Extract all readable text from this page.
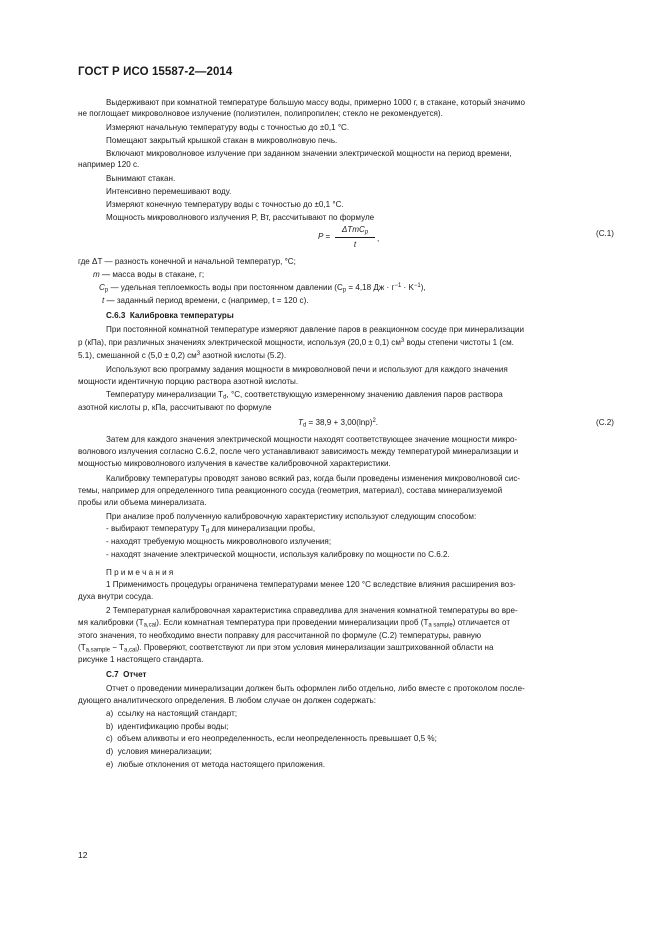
ГОСТ Р ИСО 15587-2—2014
Выдерживают при комнатной температуре большую массу воды, примерно 1000 г, в стакане, который значимо
не поглощает микроволновое излучение (полиэтилен, полипропилен; стекло не рекомендуется).
Измеряют начальную температуру воды с точностью до ±0,1 °С.
Помещают закрытый крышкой стакан в микроволновую печь.
Включают микроволновое излучение при заданном значении электрической мощности на период времени,
например 120 с.
Вынимают стакан.
Интенсивно перемешивают воду.
Измеряют конечную температуру воды с точностью до ±0,1 °С.
Мощность микроволнового излучения P, Вт, рассчитывают по формуле
P =
ΔTmC$_p$
t
,
(С.1)
где ΔT — разность конечной и начальной температур, °С;
m — масса воды в стакане, г;
$C_p$ — удельная теплоемкость воды при постоянном давлении ($C_p = 4,18$ Дж · $г^{-1} \cdot K^{-1}$),
t — заданный период времени, с (например, t = 120 с).
С.6.3 Калибровка температуры
При постоянной комнатной температуре измеряют давление паров в реакционном сосуде при минерализации
p (кПа), при различных значениях электрической мощности, используя (20,0 ± 0,1) $см^3$ воды степени чистоты 1 (см.
5.1), смешанной с (5,0 ± 0,2) $см^3$ азотной кислоты (5.2).
Используют всю программу задания мощности в микроволновой печи и используют для каждого значения
мощности идентичную порцию раствора азотной кислоты.
Температуру минерализации $T_d$, °С, соответствующую измеренному значению давления паров раствора
азотной кислоты p, кПа, рассчитывают по формуле
$T_d = 38,9 + 3,00(\ln p)^2$.	(С.2)
Затем для каждого значения электрической мощности находят соответствующее значение мощности микро-
волнового излучения согласно С.6.2, после чего устанавливают зависимость между температурой минерализации и
мощностью микроволнового излучения в качестве калибровочной характеристики.
Калибровку температуры проводят заново всякий раз, когда были проведены изменения микроволновой сис-
темы, например для определенного типа реакционного сосуда (геометрия, материал), состава минерализуемой
пробы или объема минерализата.
При анализе проб полученную калибровочную характеристику используют следующим способом:
- выбирают температуру $T_d$ для минерализации пробы,
- находят требуемую мощность микроволнового излучения;
- находят значение электрической мощности, используя калибровку по мощности по С.6.2.
П р и м е ч а н и я
1 Применимость процедуры ограничена температурами менее 120 °С вследствие влияния расширения воз-
духа внутри сосуда.
2 Температурная калибровочная характеристика справедлива для значения комнатной температуры во вре-
мя калибровки $(T_{a,cal})$. Если комнатная температура при проведении минерализации проб $(T_{a sample})$ отличается от
этого значения, то необходимо внести поправку для рассчитанной по формуле (С.2) температуры, равную
$(T_{a,sample} - T_{a,cal})$. Проверяют, соответствуют ли при этом условия минерализации заштрихованной области на
рисунке 1 настоящего стандарта.
С.7 Отчет
Отчет о проведении минерализации должен быть оформлен либо отдельно, либо вместе с протоколом после-
дующего аналитического определения. В любом случае он должен содержать:
a) ссылку на настоящий стандарт;
b) идентификацию пробы воды;
c) объем аликвоты и его неопределенность, если неопределенность превышает 0,5 %;
d) условия минерализации;
e) любые отклонения от метода настоящего приложения.
12
